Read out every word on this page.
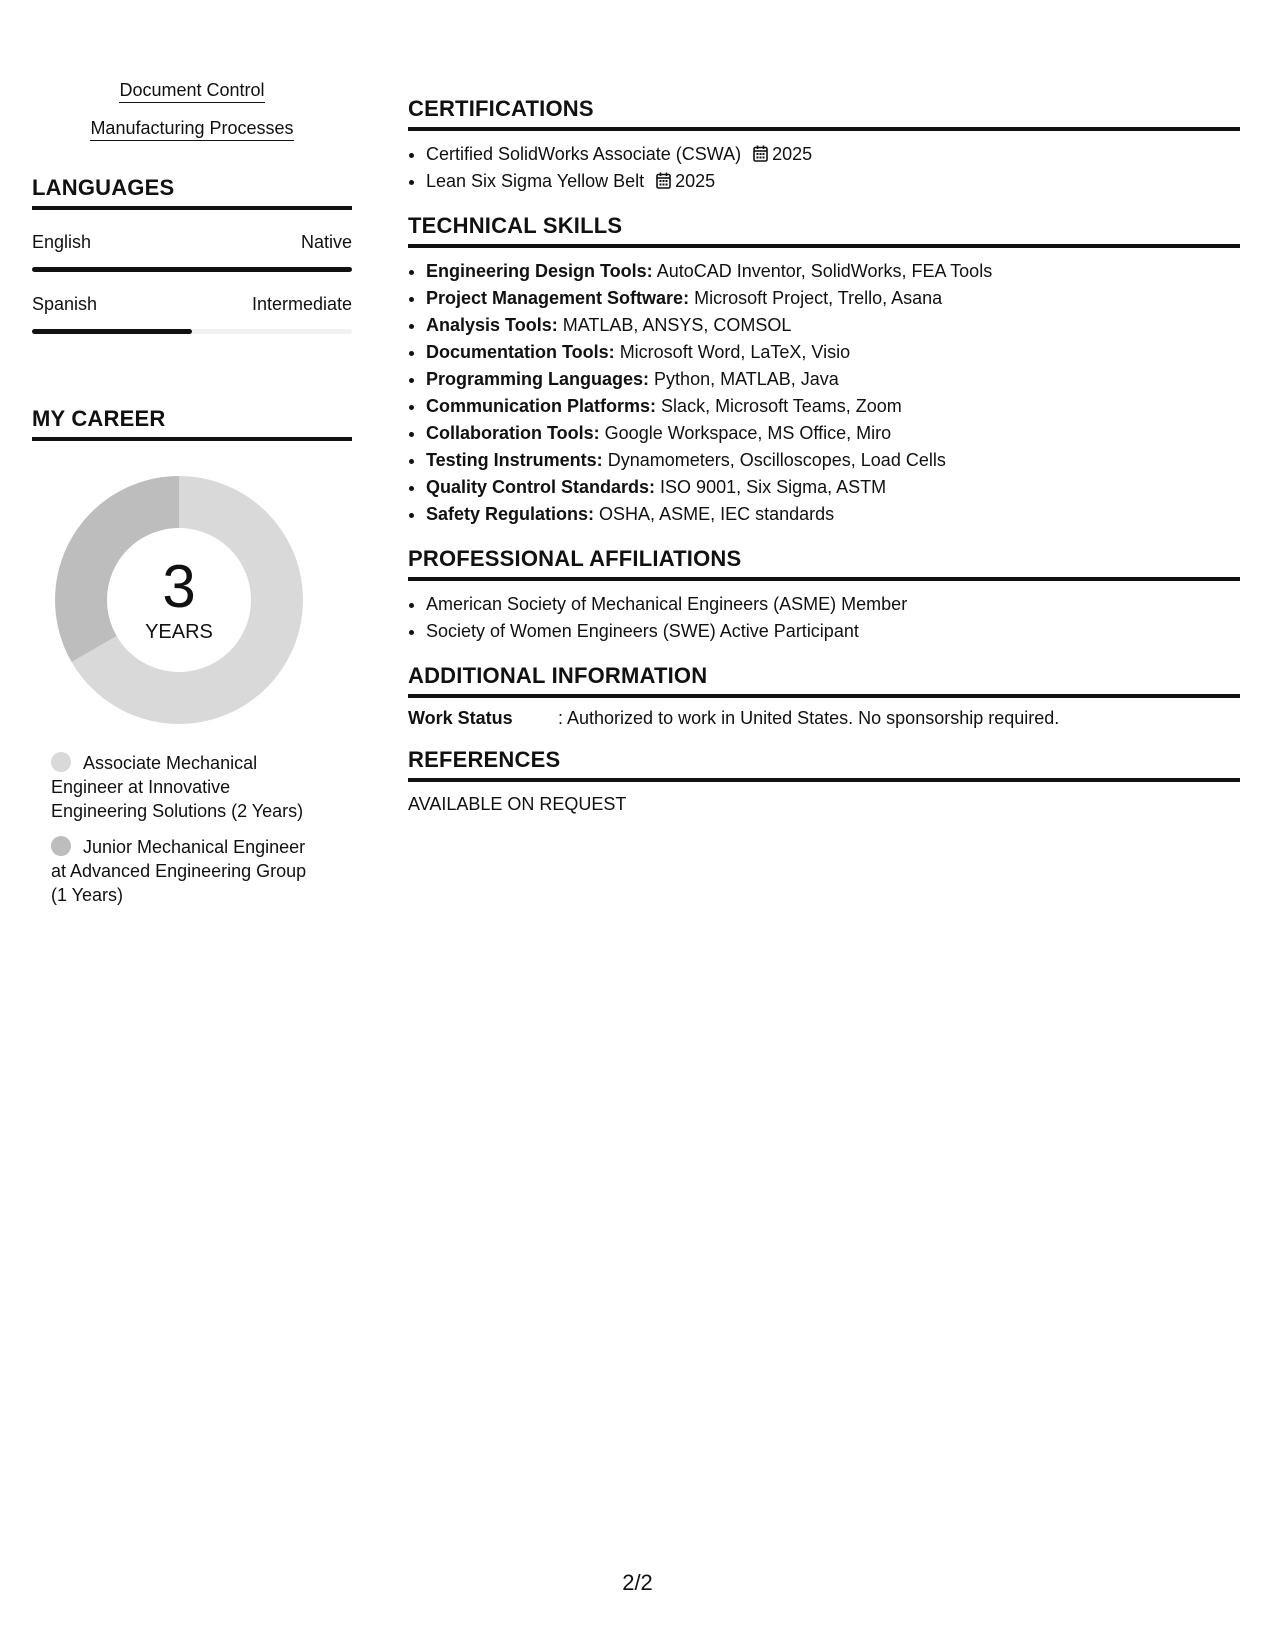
Document Control
Manufacturing Processes
LANGUAGES
English	Native
Spanish	Intermediate
MY CAREER
3
YEARS
Associate Mechanical Engineer at Innovative Engineering Solutions (2 Years)
Junior Mechanical Engineer at Advanced Engineering Group (1 Years)
CERTIFICATIONS
• Certified SolidWorks Associate (CSWA) 2025
• Lean Six Sigma Yellow Belt 2025
TECHNICAL SKILLS
• Engineering Design Tools: AutoCAD Inventor, SolidWorks, FEA Tools
• Project Management Software: Microsoft Project, Trello, Asana
• Analysis Tools: MATLAB, ANSYS, COMSOL
• Documentation Tools: Microsoft Word, LaTeX, Visio
• Programming Languages: Python, MATLAB, Java
• Communication Platforms: Slack, Microsoft Teams, Zoom
• Collaboration Tools: Google Workspace, MS Office, Miro
• Testing Instruments: Dynamometers, Oscilloscopes, Load Cells
• Quality Control Standards: ISO 9001, Six Sigma, ASTM
• Safety Regulations: OSHA, ASME, IEC standards
PROFESSIONAL AFFILIATIONS
• American Society of Mechanical Engineers (ASME) Member
• Society of Women Engineers (SWE) Active Participant
ADDITIONAL INFORMATION
Work Status	: Authorized to work in United States. No sponsorship required.
REFERENCES
AVAILABLE ON REQUEST
2/2
